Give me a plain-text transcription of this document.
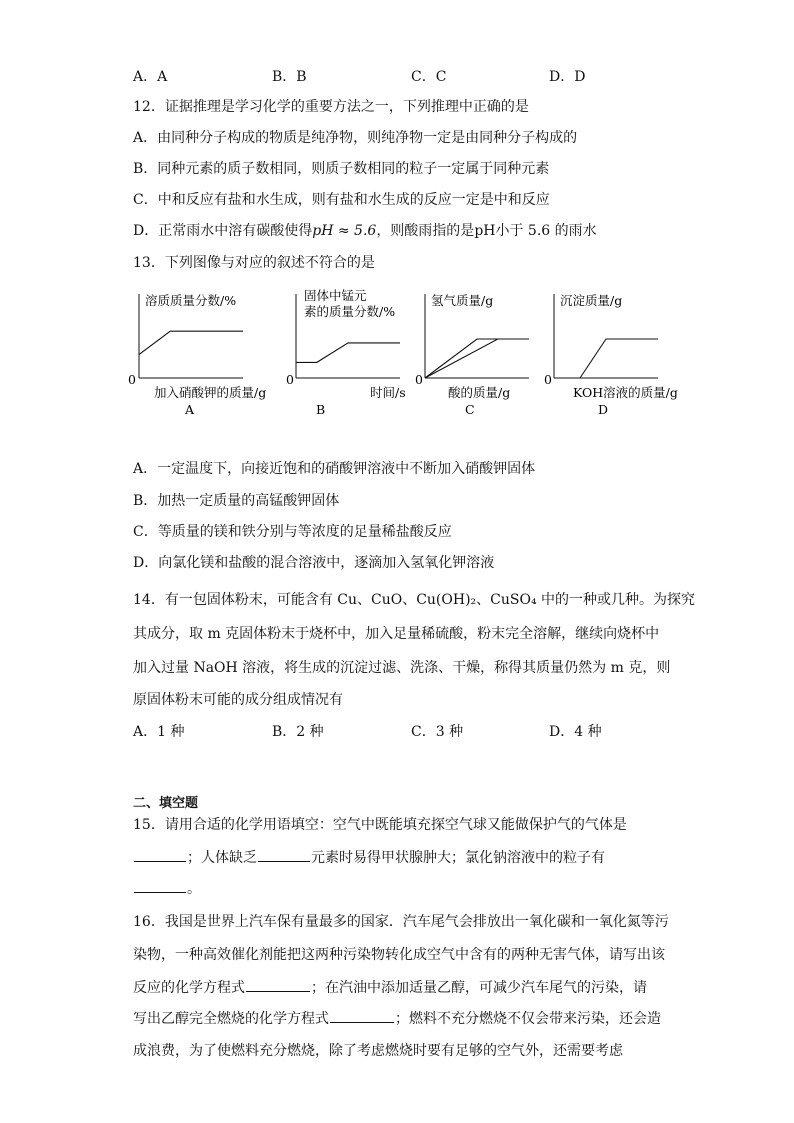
A．A	B．B	C．C	D．D
12．证据推理是学习化学的重要方法之一，下列推理中正确的是
A．由同种分子构成的物质是纯净物，则纯净物一定是由同种分子构成的
B．同种元素的质子数相同，则质子数相同的粒子一定属于同种元素
C．中和反应有盐和水生成，则有盐和水生成的反应一定是中和反应
D．正常雨水中溶有碳酸使得pH ≈ 5.6，则酸雨指的是pH小于 5.6 的雨水
13．下列图像与对应的叙述不符合的是
溶质质量分数/%
0
加入硝酸钾的质量/g
A
固体中锰元
素的质量分数/%
0
时间/s
B
氢气质量/g
0
酸的质量/g
C
沉淀质量/g
0
KOH溶液的质量/g
D
A．一定温度下，向接近饱和的硝酸钾溶液中不断加入硝酸钾固体
B．加热一定质量的高锰酸钾固体
C．等质量的镁和铁分别与等浓度的足量稀盐酸反应
D．向氯化镁和盐酸的混合溶液中，逐滴加入氢氧化钾溶液
14．有一包固体粉末，可能含有 Cu、CuO、Cu(OH)₂、CuSO₄ 中的一种或几种。为探究
其成分，取 m 克固体粉末于烧杯中，加入足量稀硫酸，粉末完全溶解，继续向烧杯中
加入过量 NaOH 溶液，将生成的沉淀过滤、洗涤、干燥，称得其质量仍然为 m 克，则
原固体粉末可能的成分组成情况有
A．1 种	B．2 种	C．3 种	D．4 种
二、填空题
15．请用合适的化学用语填空：空气中既能填充探空气球又能做保护气的气体是
；人体缺乏	元素时易得甲状腺肿大；氯化钠溶液中的粒子有
。
16．我国是世界上汽车保有量最多的国家．汽车尾气会排放出一氧化碳和一氧化氮等污
染物，一种高效催化剂能把这两种污染物转化成空气中含有的两种无害气体，请写出该
反应的化学方程式	；在汽油中添加适量乙醇，可减少汽车尾气的污染，请
写出乙醇完全燃烧的化学方程式	；燃料不充分燃烧不仅会带来污染，还会造
成浪费，为了使燃料充分燃烧，除了考虑燃烧时要有足够的空气外，还需要考虑
